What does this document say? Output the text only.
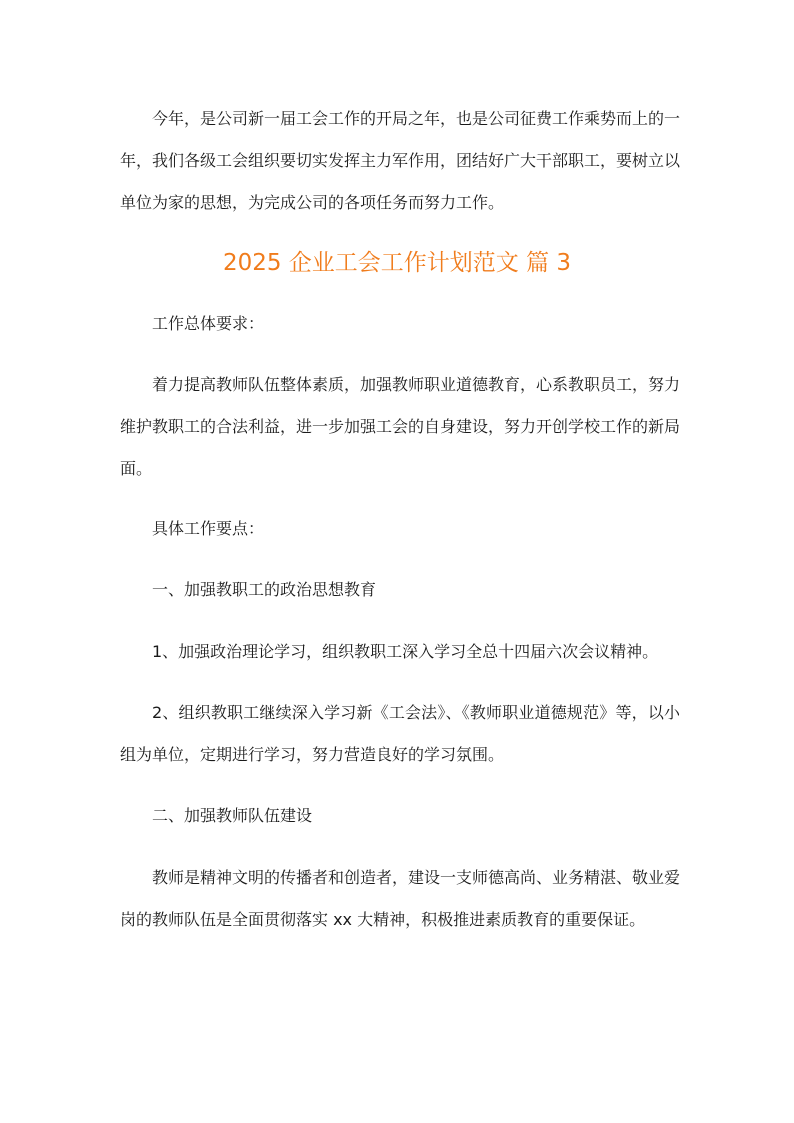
今年，是公司新一届工会工作的开局之年，也是公司征费工作乘势而上的一年，我们各级工会组织要切实发挥主力军作用，团结好广大干部职工，要树立以单位为家的思想，为完成公司的各项任务而努力工作。

2025 企业工会工作计划范文 篇 3

工作总体要求：

着力提高教师队伍整体素质，加强教师职业道德教育，心系教职员工，努力维护教职工的合法利益，进一步加强工会的自身建设，努力开创学校工作的新局面。

具体工作要点：

一、加强教职工的政治思想教育

1、加强政治理论学习，组织教职工深入学习全总十四届六次会议精神。

2、组织教职工继续深入学习新《工会法》、《教师职业道德规范》等，以小组为单位，定期进行学习，努力营造良好的学习氛围。

二、加强教师队伍建设

教师是精神文明的传播者和创造者，建设一支师德高尚、业务精湛、敬业爱岗的教师队伍是全面贯彻落实 xx 大精神，积极推进素质教育的重要保证。
